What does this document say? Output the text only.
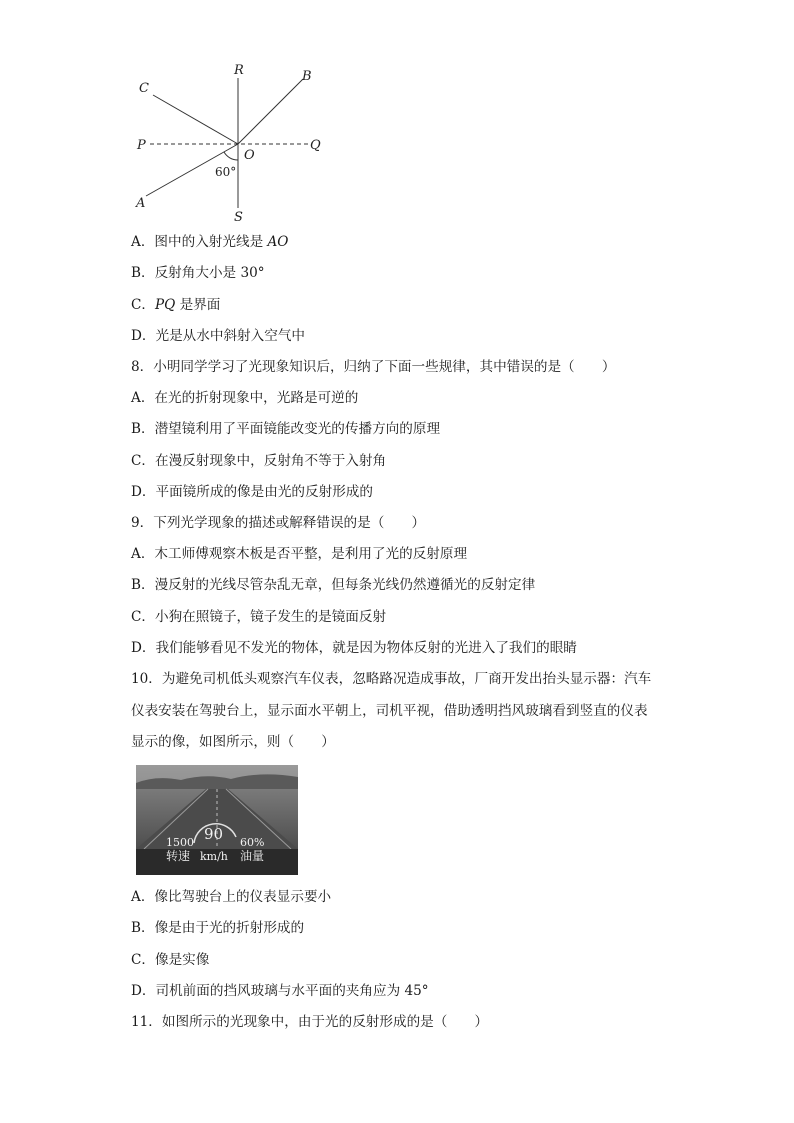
R	B
C
P	Q
O
A
S
60°
A．图中的入射光线是 AO
B．反射角大小是 30°
C．PQ 是界面
D．光是从水中斜射入空气中
8．小明同学学习了光现象知识后，归纳了下面一些规律，其中错误的是（　　）
A．在光的折射现象中，光路是可逆的
B．潜望镜利用了平面镜能改变光的传播方向的原理
C．在漫反射现象中，反射角不等于入射角
D．平面镜所成的像是由光的反射形成的
9．下列光学现象的描述或解释错误的是（　　）
A．木工师傅观察木板是否平整，是利用了光的反射原理
B．漫反射的光线尽管杂乱无章，但每条光线仍然遵循光的反射定律
C．小狗在照镜子，镜子发生的是镜面反射
D．我们能够看见不发光的物体，就是因为物体反射的光进入了我们的眼睛
10．为避免司机低头观察汽车仪表，忽略路况造成事故，厂商开发出抬头显示器：汽车
仪表安装在驾驶台上，显示面水平朝上，司机平视，借助透明挡风玻璃看到竖直的仪表
显示的像，如图所示，则（　　）
90
1500	60%
转速 km/h 油量
A．像比驾驶台上的仪表显示要小
B．像是由于光的折射形成的
C．像是实像
D．司机前面的挡风玻璃与水平面的夹角应为 45°
11．如图所示的光现象中，由于光的反射形成的是（　　）
